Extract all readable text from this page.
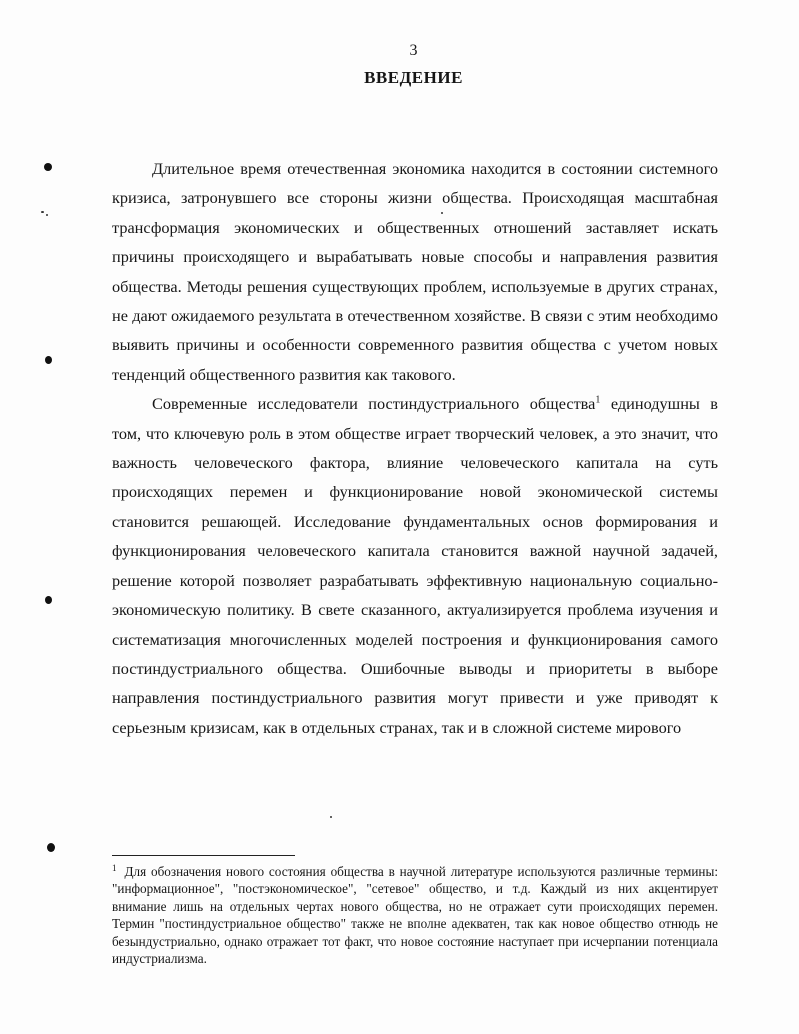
3
ВВЕДЕНИЕ

Длительное время отечественная экономика находится в состоянии системного кризиса, затронувшего все стороны жизни общества. Происходящая масштабная трансформация экономических и общественных отношений заставляет искать причины происходящего и вырабатывать новые способы и направления развития общества. Методы решения существующих проблем, используемые в других странах, не дают ожидаемого результата в отечественном хозяйстве. В связи с этим необходимо выявить причины и особенности современного развития общества с учетом новых тенденций общественного развития как такового.

Современные исследователи постиндустриального общества$^1$ единодушны в том, что ключевую роль в этом обществе играет творческий человек, а это значит, что важность человеческого фактора, влияние человеческого капитала на суть происходящих перемен и функционирование новой экономической системы становится решающей. Исследование фундаментальных основ формирования и функционирования человеческого капитала становится важной научной задачей, решение которой позволяет разрабатывать эффективную национальную социально-экономическую политику. В свете сказанного, актуализируется проблема изучения и систематизация многочисленных моделей построения и функционирования самого постиндустриального общества. Ошибочные выводы и приоритеты в выборе направления постиндустриального развития могут привести и уже приводят к серьезным кризисам, как в отдельных странах, так и в сложной системе мирового

$^1$ Для обозначения нового состояния общества в научной литературе используются различные термины: "информационное", "постэкономическое", "сетевое" общество, и т.д. Каждый из них акцентирует внимание лишь на отдельных чертах нового общества, но не отражает сути происходящих перемен. Термин "постиндустриальное общество" также не вполне адекватен, так как новое общество отнюдь не безындустриально, однако отражает тот факт, что новое состояние наступает при исчерпании потенциала индустриализма.
